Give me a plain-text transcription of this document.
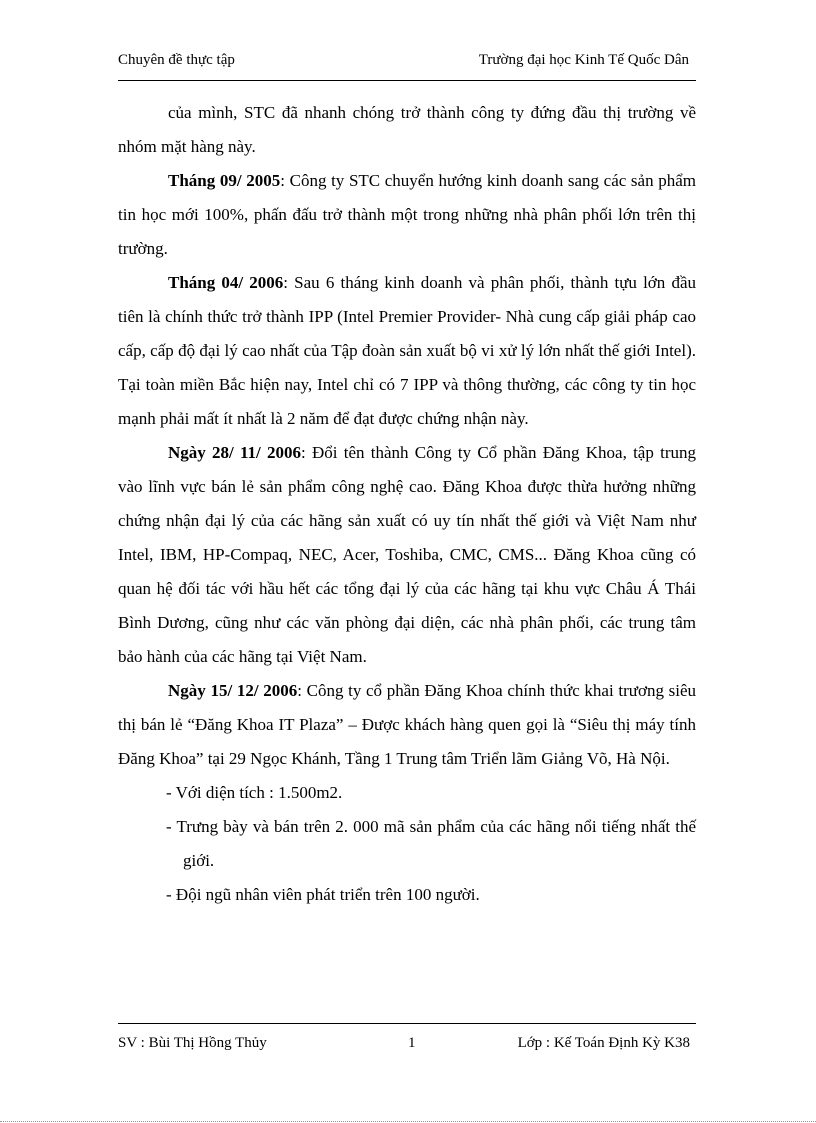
Chuyên đề thực tập	Trường đại học Kinh Tế Quốc Dân

của mình, STC đã nhanh chóng trở thành công ty đứng đầu thị trường về nhóm mặt hàng này.

Tháng 09/ 2005: Công ty STC chuyển hướng kinh doanh sang các sản phẩm tin học mới 100%, phấn đấu trở thành một trong những nhà phân phối lớn trên thị trường.

Tháng 04/ 2006: Sau 6 tháng kinh doanh và phân phối, thành tựu lớn đầu tiên là chính thức trở thành IPP (Intel Premier Provider- Nhà cung cấp giải pháp cao cấp, cấp độ đại lý cao nhất của Tập đoàn sản xuất bộ vi xử lý lớn nhất thế giới Intel). Tại toàn miền Bắc hiện nay, Intel chỉ có 7 IPP và thông thường, các công ty tin học mạnh phải mất ít nhất là 2 năm để đạt được chứng nhận này.

Ngày 28/ 11/ 2006: Đổi tên thành Công ty Cổ phần Đăng Khoa, tập trung vào lĩnh vực bán lẻ sản phẩm công nghệ cao. Đăng Khoa được thừa hưởng những chứng nhận đại lý của các hãng sản xuất có uy tín nhất thế giới và Việt Nam như Intel, IBM, HP-Compaq, NEC, Acer, Toshiba, CMC, CMS... Đăng Khoa cũng có quan hệ đối tác với hầu hết các tổng đại lý của các hãng tại khu vực Châu Á Thái Bình Dương, cũng như các văn phòng đại diện, các nhà phân phối, các trung tâm bảo hành của các hãng tại Việt Nam.

Ngày 15/ 12/ 2006: Công ty cổ phần Đăng Khoa chính thức khai trương siêu thị bán lẻ “Đăng Khoa IT Plaza” – Được khách hàng quen gọi là “Siêu thị máy tính Đăng Khoa” tại 29 Ngọc Khánh, Tầng 1 Trung tâm Triển lãm Giảng Võ, Hà Nội.

- Với diện tích : 1.500m2.

- Trưng bày và bán trên 2. 000 mã sản phẩm của các hãng nổi tiếng nhất thế giới.

- Đội ngũ nhân viên phát triển trên 100 người.

SV : Bùi Thị Hồng Thủy	1	Lớp : Kế Toán Định Kỳ K38
